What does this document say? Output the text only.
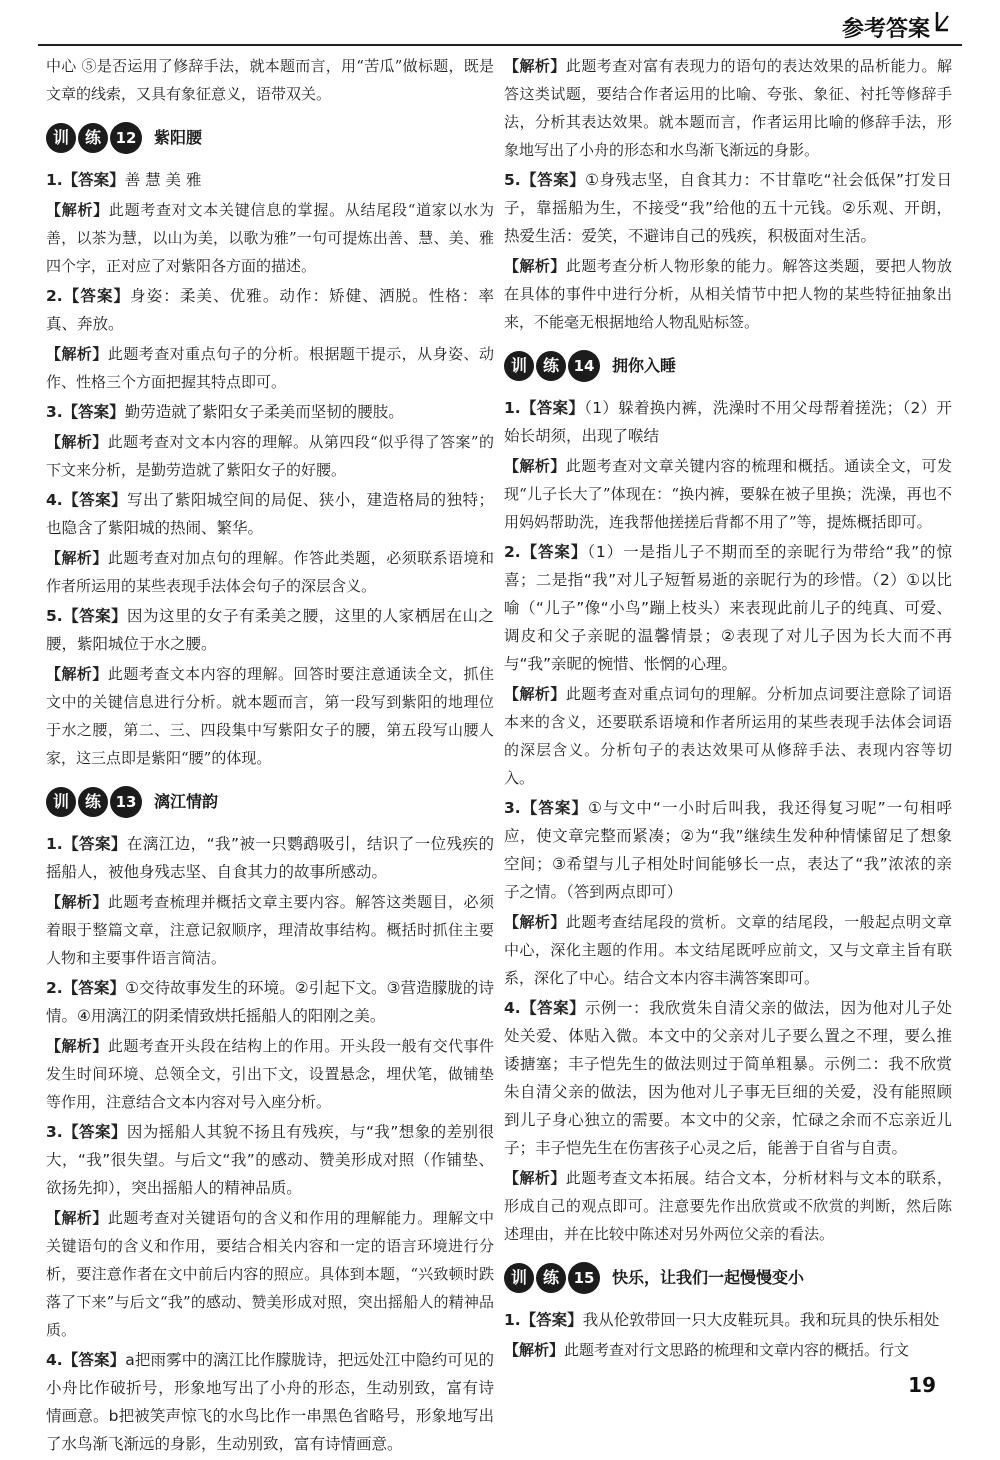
参考答案

中心 ⑤是否运用了修辞手法，就本题而言，用“苦瓜”做标题，既是文章的线索，又具有象征意义，语带双关。

训 练 12	紫阳腰

1.【答案】善 慧 美 雅

【解析】此题考查对文本关键信息的掌握。从结尾段“道家以水为善，以茶为慧，以山为美，以歌为雅”一句可提炼出善、慧、美、雅四个字，正对应了对紫阳各方面的描述。

2.【答案】身姿：柔美、优雅。动作：矫健、洒脱。性格：率真、奔放。

【解析】此题考查对重点句子的分析。根据题干提示，从身姿、动作、性格三个方面把握其特点即可。

3.【答案】勤劳造就了紫阳女子柔美而坚韧的腰肢。

【解析】此题考查对文本内容的理解。从第四段“似乎得了答案”的下文来分析，是勤劳造就了紫阳女子的好腰。

4.【答案】写出了紫阳城空间的局促、狭小，建造格局的独特；也隐含了紫阳城的热闹、繁华。

【解析】此题考查对加点句的理解。作答此类题，必须联系语境和作者所运用的某些表现手法体会句子的深层含义。

5.【答案】因为这里的女子有柔美之腰，这里的人家栖居在山之腰，紫阳城位于水之腰。

【解析】此题考查文本内容的理解。回答时要注意通读全文，抓住文中的关键信息进行分析。就本题而言，第一段写到紫阳的地理位于水之腰，第二、三、四段集中写紫阳女子的腰，第五段写山腰人家，这三点即是紫阳“腰”的体现。

训 练 13	漓江情韵

1.【答案】在漓江边，“我”被一只鹦鹉吸引，结识了一位残疾的摇船人，被他身残志坚、自食其力的故事所感动。

【解析】此题考查梳理并概括文章主要内容。解答这类题目，必须着眼于整篇文章，注意记叙顺序，理清故事结构。概括时抓住主要人物和主要事件语言简洁。

2.【答案】①交待故事发生的环境。②引起下文。③营造朦胧的诗情。④用漓江的阴柔情致烘托摇船人的阳刚之美。

【解析】此题考查开头段在结构上的作用。开头段一般有交代事件发生时间环境、总领全文，引出下文，设置悬念，埋伏笔，做铺垫等作用，注意结合文本内容对号入座分析。

3.【答案】因为摇船人其貌不扬且有残疾，与“我”想象的差别很大，“我”很失望。与后文“我”的感动、赞美形成对照（作铺垫、欲扬先抑），突出摇船人的精神品质。

【解析】此题考查对关键语句的含义和作用的理解能力。理解文中关键语句的含义和作用，要结合相关内容和一定的语言环境进行分析，要注意作者在文中前后内容的照应。具体到本题，“兴致顿时跌落了下来”与后文“我”的感动、赞美形成对照，突出摇船人的精神品质。

4.【答案】a把雨雾中的漓江比作朦胧诗，把远处江中隐约可见的小舟比作破折号，形象地写出了小舟的形态，生动别致，富有诗情画意。b把被笑声惊飞的水鸟比作一串黑色省略号，形象地写出了水鸟渐飞渐远的身影，生动别致，富有诗情画意。

【解析】此题考查对富有表现力的语句的表达效果的品析能力。解答这类试题，要结合作者运用的比喻、夸张、象征、衬托等修辞手法，分析其表达效果。就本题而言，作者运用比喻的修辞手法，形象地写出了小舟的形态和水鸟渐飞渐远的身影。

5.【答案】①身残志坚，自食其力：不甘靠吃“社会低保”打发日子，靠摇船为生，不接受“我”给他的五十元钱。②乐观、开朗，热爱生活：爱笑，不避讳自己的残疾，积极面对生活。

【解析】此题考查分析人物形象的能力。解答这类题，要把人物放在具体的事件中进行分析，从相关情节中把人物的某些特征抽象出来，不能毫无根据地给人物乱贴标签。

训 练 14	拥你入睡

1.【答案】（1）躲着换内裤，洗澡时不用父母帮着搓洗；（2）开始长胡须，出现了喉结

【解析】此题考查对文章关键内容的梳理和概括。通读全文，可发现“儿子长大了”体现在：“换内裤，要躲在被子里换；洗澡，再也不用妈妈帮助洗，连我帮他搓搓后背都不用了”等，提炼概括即可。

2.【答案】（1）一是指儿子不期而至的亲昵行为带给“我”的惊喜；二是指“我”对儿子短暂易逝的亲昵行为的珍惜。（2）①以比喻（“儿子”像“小鸟”蹦上枝头）来表现此前儿子的纯真、可爱、调皮和父子亲昵的温馨情景；②表现了对儿子因为长大而不再与“我”亲昵的惋惜、怅惘的心理。

【解析】此题考查对重点词句的理解。分析加点词要注意除了词语本来的含义，还要联系语境和作者所运用的某些表现手法体会词语的深层含义。分析句子的表达效果可从修辞手法、表现内容等切入。

3.【答案】①与文中“一小时后叫我，我还得复习呢”一句相呼应，使文章完整而紧凑；②为“我”继续生发种种情愫留足了想象空间；③希望与儿子相处时间能够长一点，表达了“我”浓浓的亲子之情。（答到两点即可）

【解析】此题考查结尾段的赏析。文章的结尾段，一般起点明文章中心，深化主题的作用。本文结尾既呼应前文，又与文章主旨有联系，深化了中心。结合文本内容丰满答案即可。

4.【答案】示例一：我欣赏朱自清父亲的做法，因为他对儿子处处关爱、体贴入微。本文中的父亲对儿子要么置之不理，要么推诿搪塞；丰子恺先生的做法则过于简单粗暴。示例二：我不欣赏朱自清父亲的做法，因为他对儿子事无巨细的关爱，没有能照顾到儿子身心独立的需要。本文中的父亲，忙碌之余而不忘亲近儿子；丰子恺先生在伤害孩子心灵之后，能善于自省与自责。

【解析】此题考查文本拓展。结合文本，分析材料与文本的联系，形成自己的观点即可。注意要先作出欣赏或不欣赏的判断，然后陈述理由，并在比较中陈述对另外两位父亲的看法。

训 练 15	快乐，让我们一起慢慢变小

1.【答案】我从伦敦带回一只大皮鞋玩具。我和玩具的快乐相处

【解析】此题考查对行文思路的梳理和文章内容的概括。行文

19
